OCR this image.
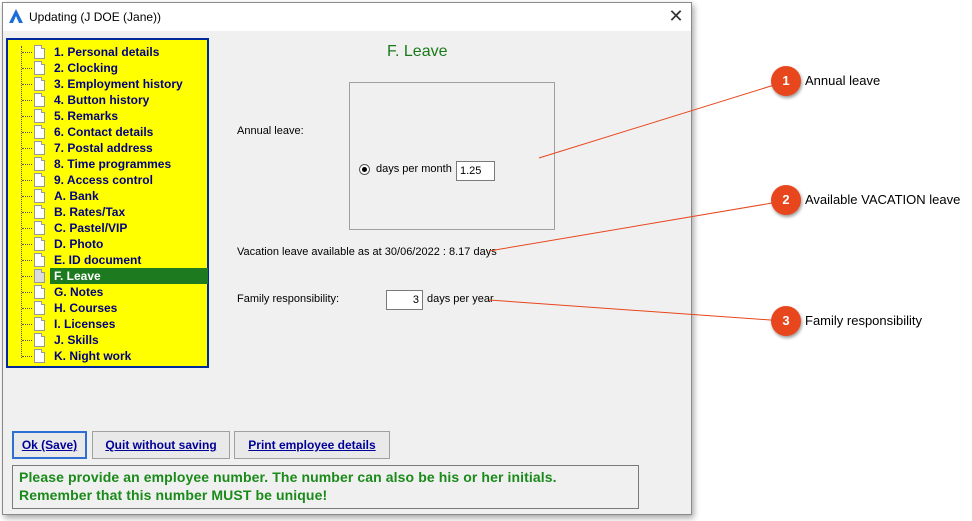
Updating (J DOE (Jane))	✕
1. Personal details
2. Clocking
3. Employment history
4. Button history
5. Remarks
6. Contact details
7. Postal address
8. Time programmes
9. Access control
A. Bank
B. Rates/Tax
C. Pastel/VIP
D. Photo
E. ID document
F. Leave
G. Notes
H. Courses
I. Licenses
J. Skills
K. Night work
F. Leave
Annual leave:
days per month 1.25
Vacation leave available as at 30/06/2022 : 8.17 days
Family responsibility:	3 days per year
Ok (Save)	Quit without saving	Print employee details
Please provide an employee number. The number can also be his or her initials.
Remember that this number MUST be unique!
1	Annual leave
2	Available VACATION leave
3	Family responsibility
